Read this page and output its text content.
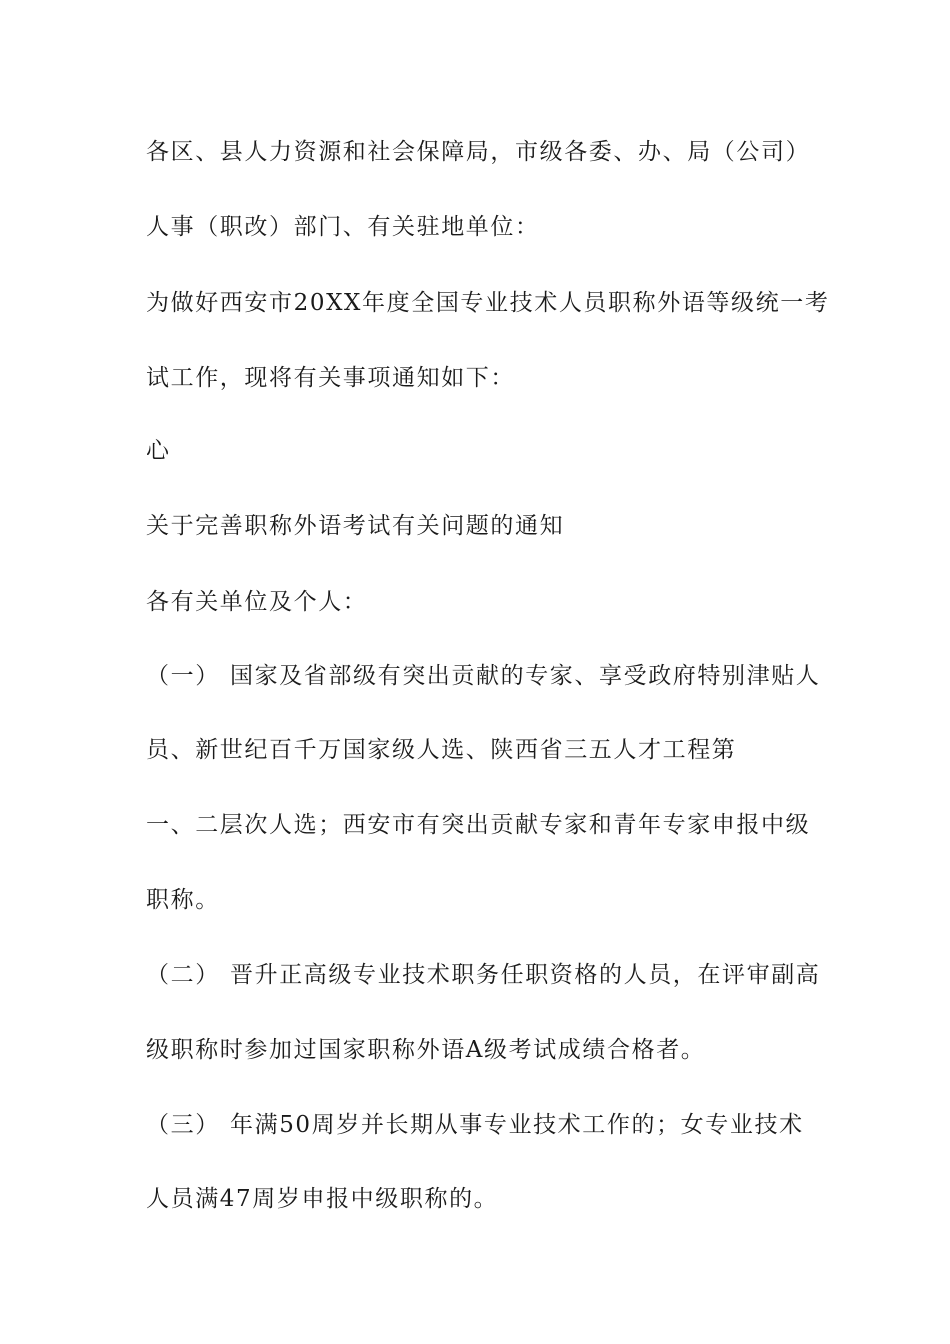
各区、县人力资源和社会保障局，市级各委、办、局（公司）
人事（职改）部门、有关驻地单位：
为做好西安市20XX年度全国专业技术人员职称外语等级统一考
试工作，现将有关事项通知如下：
心
关于完善职称外语考试有关问题的通知
各有关单位及个人：
（一） 国家及省部级有突出贡献的专家、享受政府特别津贴人
员、新世纪百千万国家级人选、陕西省三五人才工程第
一、二层次人选；西安市有突出贡献专家和青年专家申报中级
职称。
（二） 晋升正高级专业技术职务任职资格的人员，在评审副高
级职称时参加过国家职称外语A级考试成绩合格者。
（三） 年满50周岁并长期从事专业技术工作的；女专业技术
人员满47周岁申报中级职称的。
